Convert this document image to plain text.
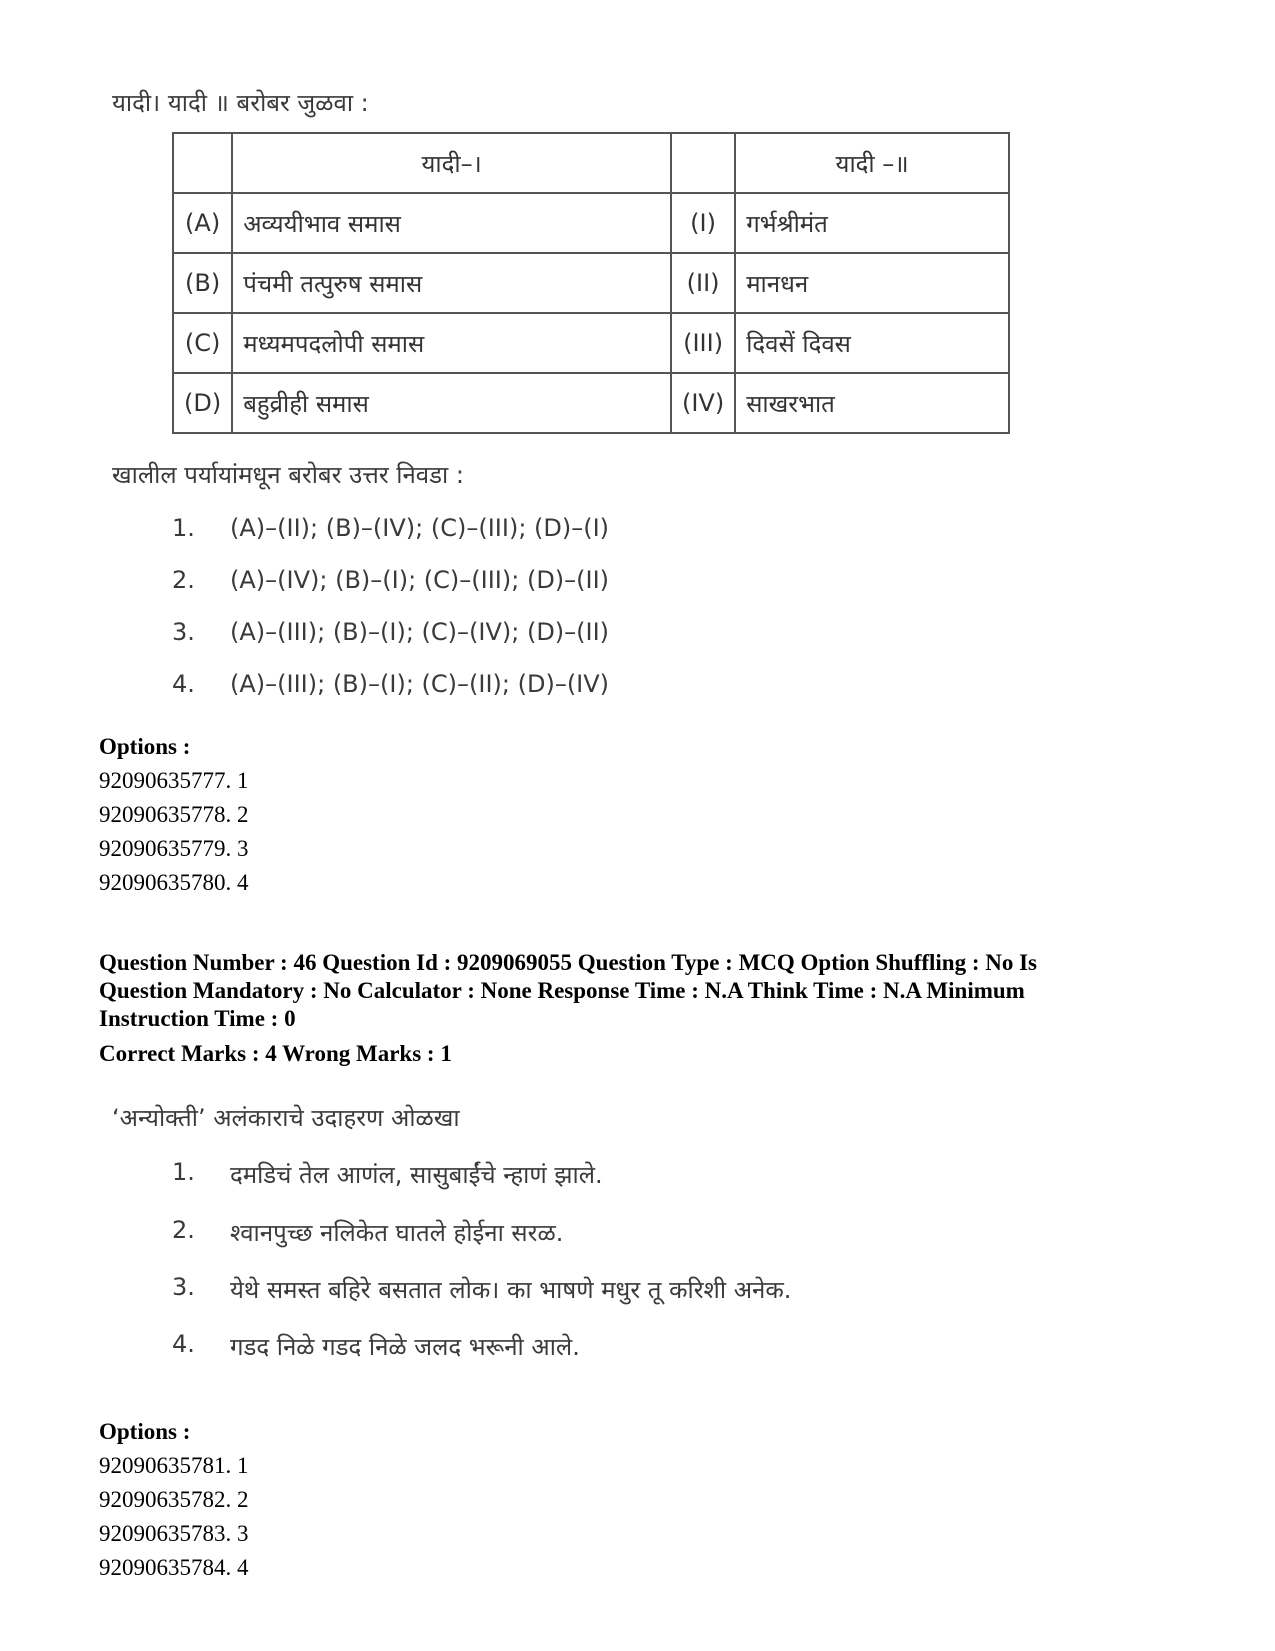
यादी। यादी ॥ बरोबर जुळवा :
	यादी–।		यादी –॥
(A)	अव्ययीभाव समास	(I)	गर्भश्रीमंत
(B)	पंचमी तत्पुरुष समास	(II)	मानधन
(C)	मध्यमपदलोपी समास	(III)	दिवसें दिवस
(D)	बहुव्रीही समास	(IV)	साखरभात
खालील पर्यायांमधून बरोबर उत्तर निवडा :
1.	(A)–(II); (B)–(IV); (C)–(III); (D)–(I)
2.	(A)–(IV); (B)–(I); (C)–(III); (D)–(II)
3.	(A)–(III); (B)–(I); (C)–(IV); (D)–(II)
4.	(A)–(III); (B)–(I); (C)–(II); (D)–(IV)
Options :
92090635777. 1
92090635778. 2
92090635779. 3
92090635780. 4
Question Number : 46 Question Id : 9209069055 Question Type : MCQ Option Shuffling : No Is
Question Mandatory : No Calculator : None Response Time : N.A Think Time : N.A Minimum
Instruction Time : 0
Correct Marks : 4 Wrong Marks : 1
‘अन्योक्ती’ अलंकाराचे उदाहरण ओळखा
1.	दमडिचं तेल आणंल, सासुबाईंचे न्हाणं झाले.
2.	श्वानपुच्छ नलिकेत घातले होईना सरळ.
3.	येथे समस्त बहिरे बसतात लोक। का भाषणे मधुर तू करिशी अनेक.
4.	गडद निळे गडद निळे जलद भरूनी आले.
Options :
92090635781. 1
92090635782. 2
92090635783. 3
92090635784. 4
